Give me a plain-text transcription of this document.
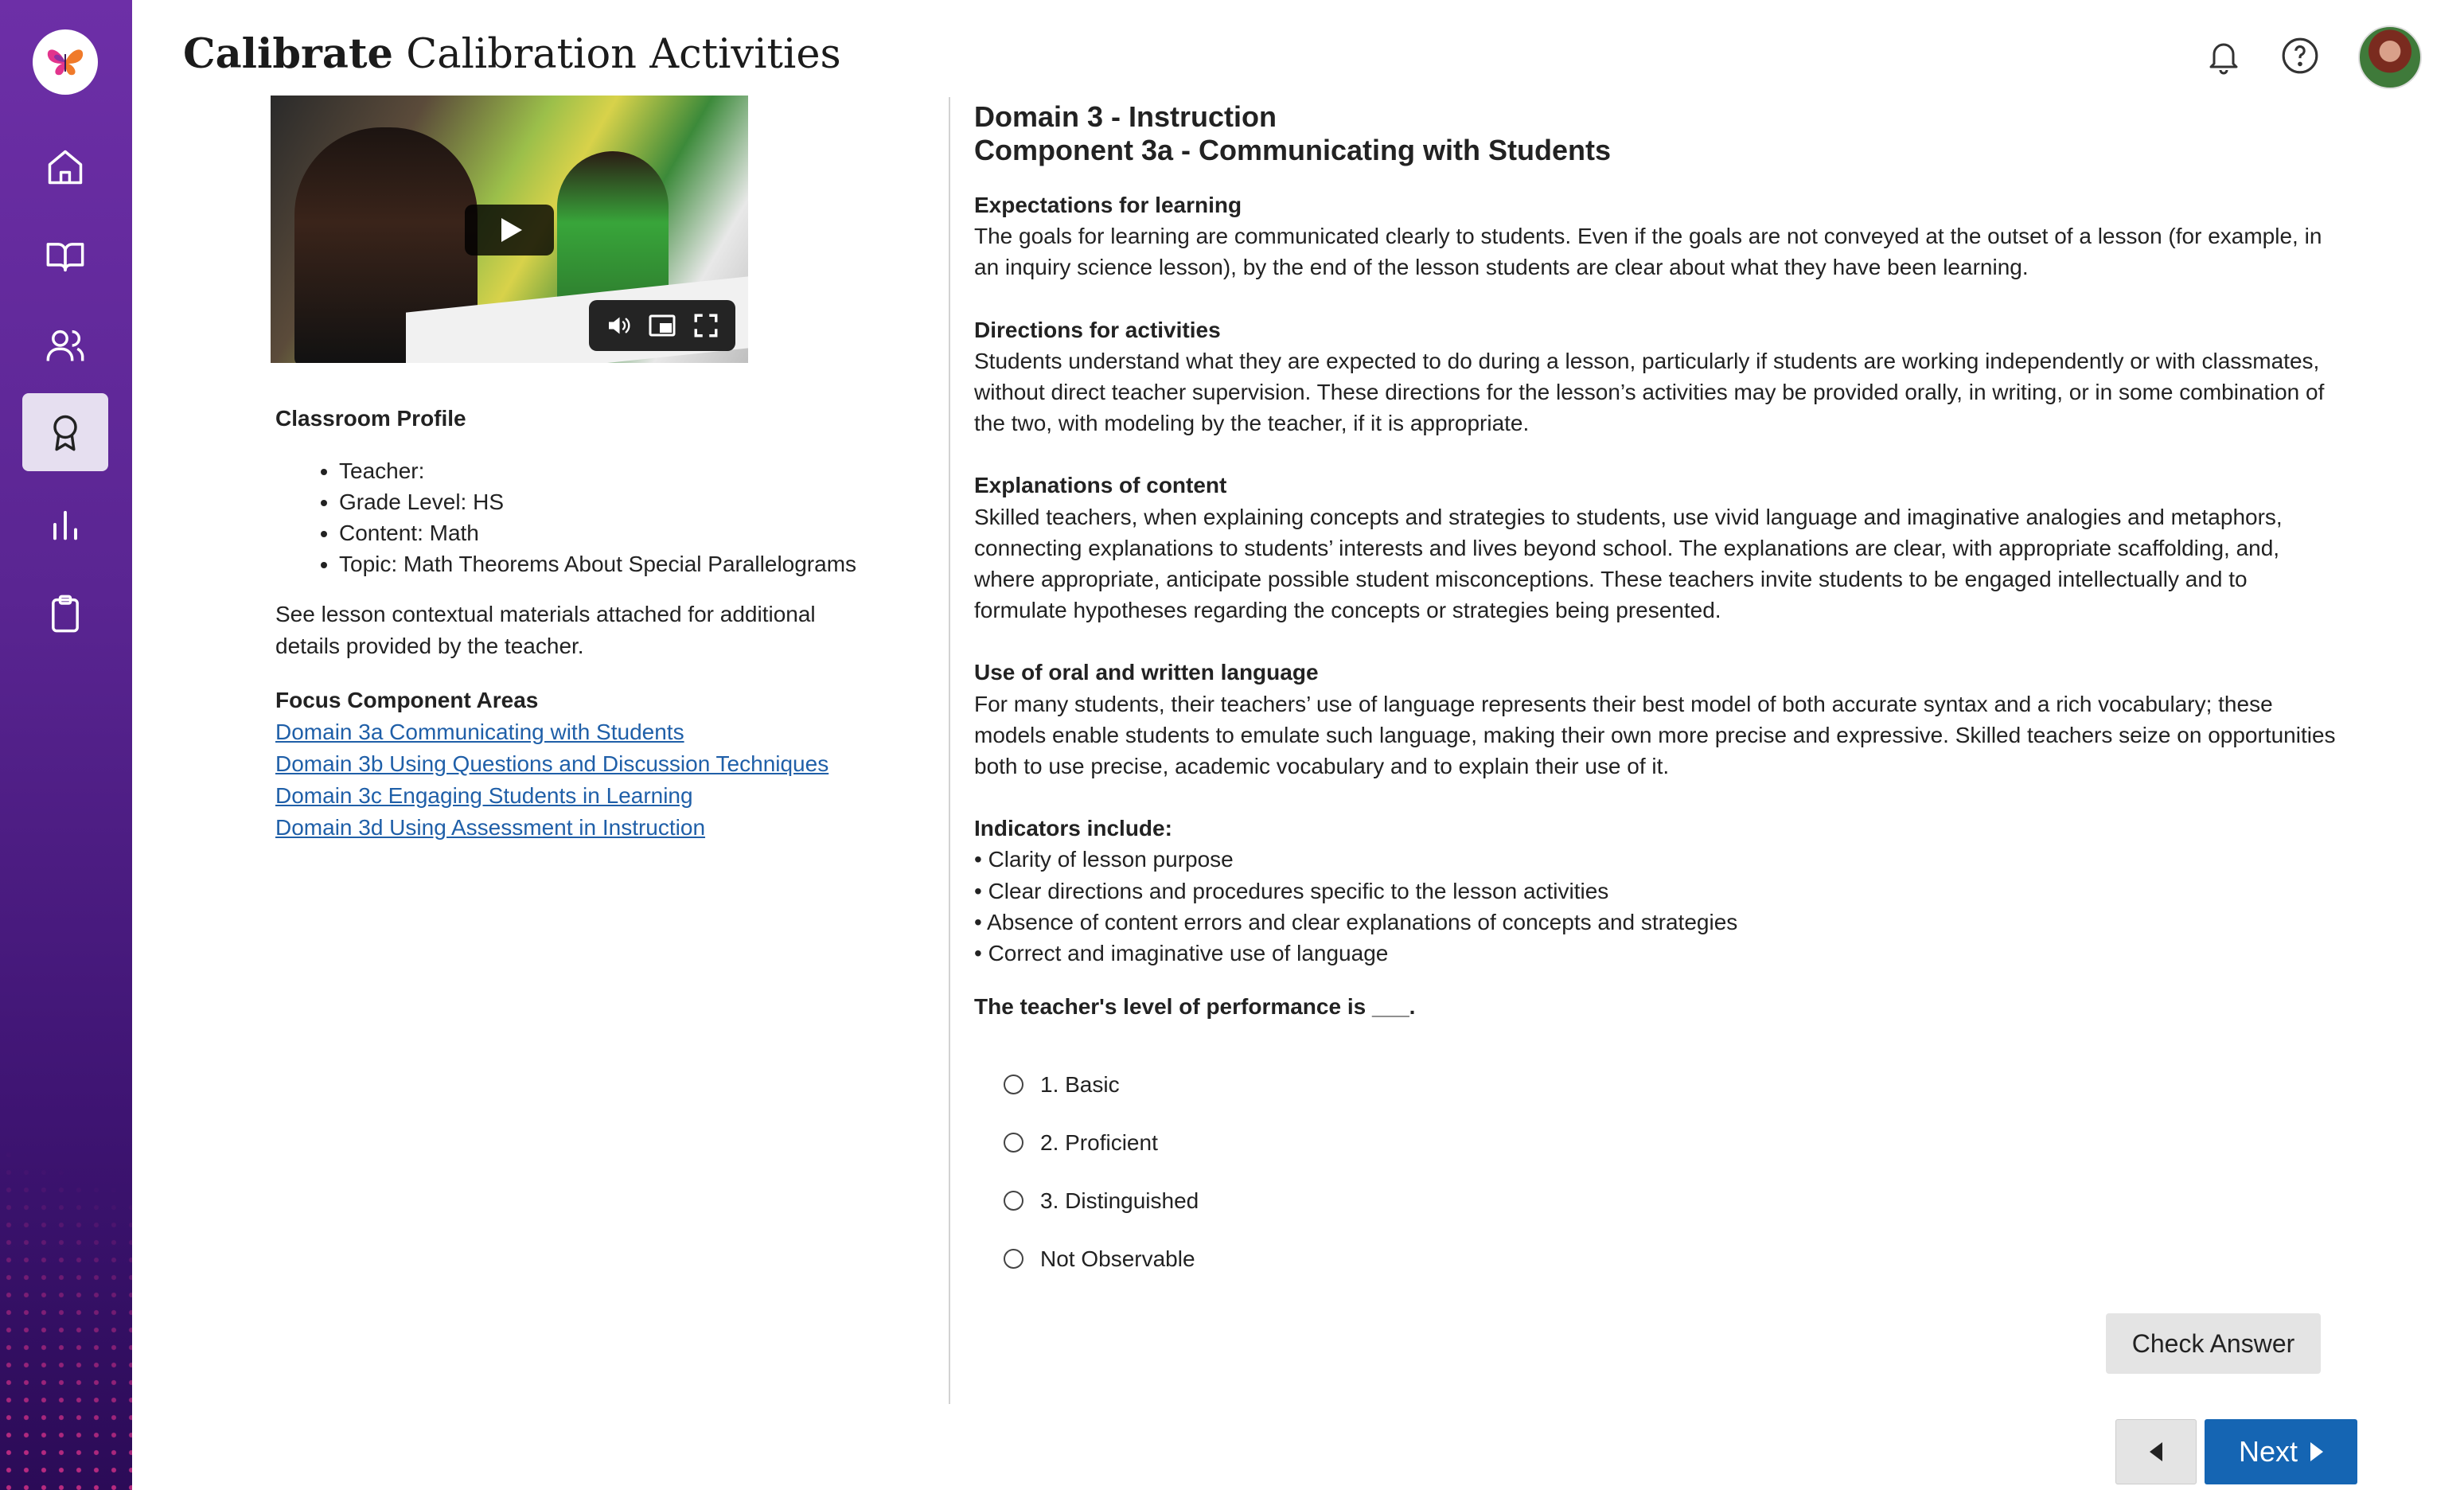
Calibrate Calibration Activities
Classroom Profile
• Teacher:
• Grade Level: HS
• Content: Math
• Topic: Math Theorems About Special Parallelograms
See lesson contextual materials attached for additional details provided by the teacher.
Focus Component Areas
Domain 3a Communicating with Students
Domain 3b Using Questions and Discussion Techniques
Domain 3c Engaging Students in Learning
Domain 3d Using Assessment in Instruction
Domain 3 - Instruction
Component 3a - Communicating with Students
Expectations for learning
The goals for learning are communicated clearly to students. Even if the goals are not conveyed at the outset of a lesson (for example, in an inquiry science lesson), by the end of the lesson students are clear about what they have been learning.
Directions for activities
Students understand what they are expected to do during a lesson, particularly if students are working independently or with classmates, without direct teacher supervision. These directions for the lesson’s activities may be provided orally, in writing, or in some combination of the two, with modeling by the teacher, if it is appropriate.
Explanations of content
Skilled teachers, when explaining concepts and strategies to students, use vivid language and imaginative analogies and metaphors, connecting explanations to students’ interests and lives beyond school. The explanations are clear, with appropriate scaffolding, and, where appropriate, anticipate possible student misconceptions. These teachers invite students to be engaged intellectually and to formulate hypotheses regarding the concepts or strategies being presented.
Use of oral and written language
For many students, their teachers’ use of language represents their best model of both accurate syntax and a rich vocabulary; these models enable students to emulate such language, making their own more precise and expressive. Skilled teachers seize on opportunities both to use precise, academic vocabulary and to explain their use of it.
Indicators include:
• Clarity of lesson purpose
• Clear directions and procedures specific to the lesson activities
• Absence of content errors and clear explanations of concepts and strategies
• Correct and imaginative use of language
The teacher's level of performance is ___.
1. Basic
2. Proficient
3. Distinguished
Not Observable
Check Answer
Next
